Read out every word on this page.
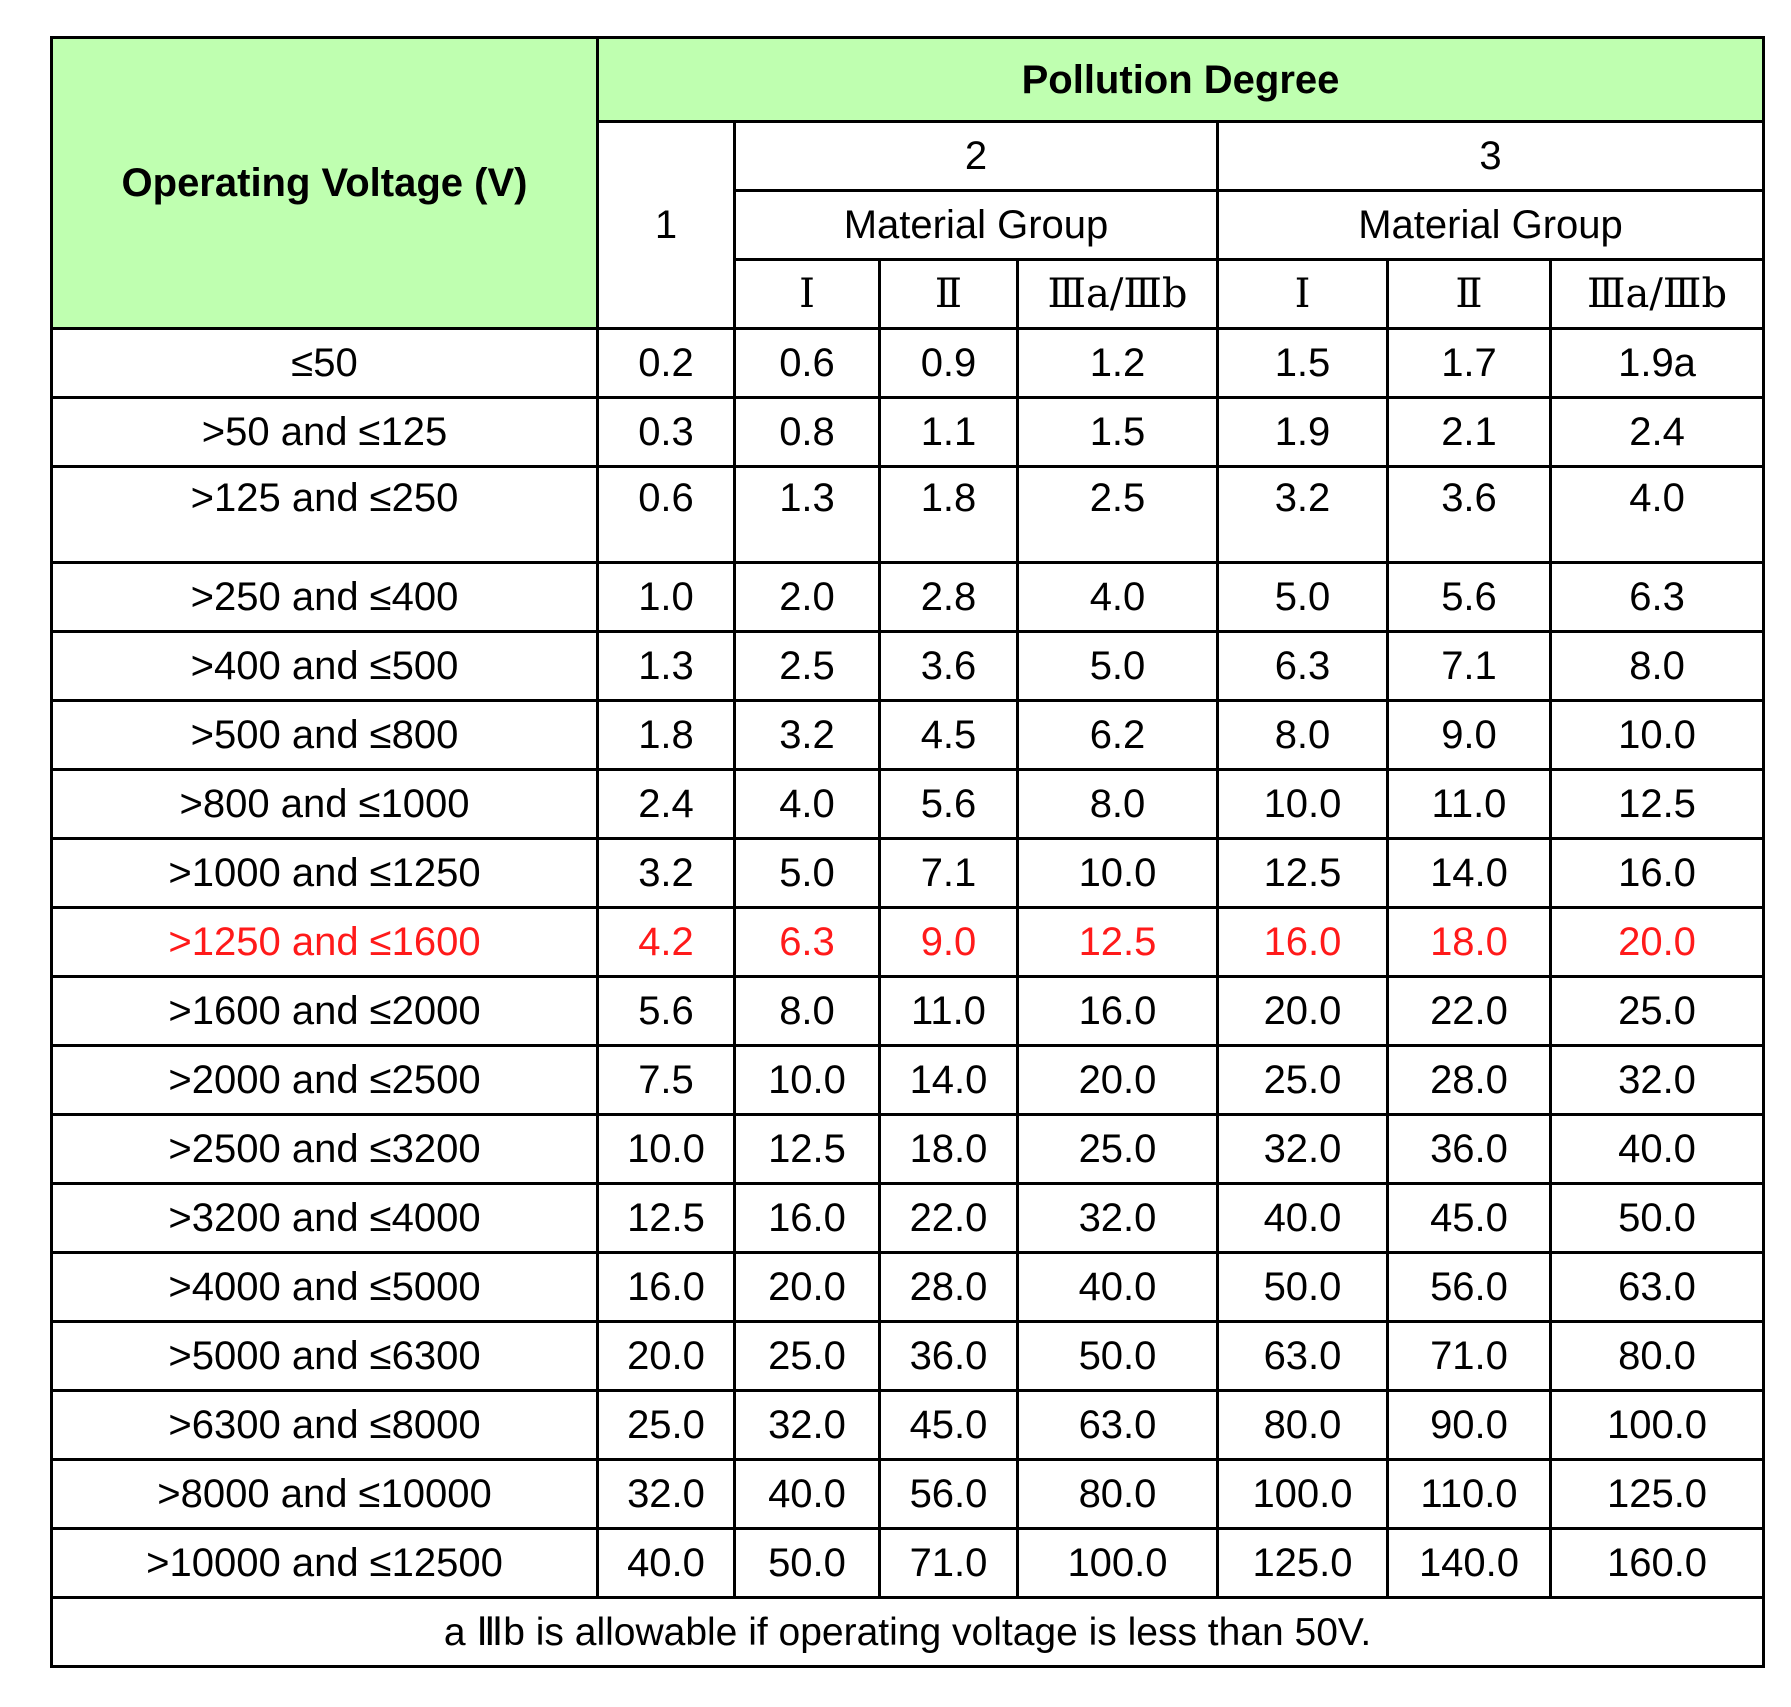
Operating Voltage (V)	Pollution Degree						
	1	2			3		
		Material Group			Material Group		
		Ⅰ	Ⅱ	Ⅲa/Ⅲb	Ⅰ	Ⅱ	Ⅲa/Ⅲb
≤50	0.2	0.6	0.9	1.2	1.5	1.7	1.9a
>50 and ≤125	0.3	0.8	1.1	1.5	1.9	2.1	2.4
>125 and ≤250	0.6	1.3	1.8	2.5	3.2	3.6	4.0
>250 and ≤400	1.0	2.0	2.8	4.0	5.0	5.6	6.3
>400 and ≤500	1.3	2.5	3.6	5.0	6.3	7.1	8.0
>500 and ≤800	1.8	3.2	4.5	6.2	8.0	9.0	10.0
>800 and ≤1000	2.4	4.0	5.6	8.0	10.0	11.0	12.5
>1000 and ≤1250	3.2	5.0	7.1	10.0	12.5	14.0	16.0
>1250 and ≤1600	4.2	6.3	9.0	12.5	16.0	18.0	20.0
>1600 and ≤2000	5.6	8.0	11.0	16.0	20.0	22.0	25.0
>2000 and ≤2500	7.5	10.0	14.0	20.0	25.0	28.0	32.0
>2500 and ≤3200	10.0	12.5	18.0	25.0	32.0	36.0	40.0
>3200 and ≤4000	12.5	16.0	22.0	32.0	40.0	45.0	50.0
>4000 and ≤5000	16.0	20.0	28.0	40.0	50.0	56.0	63.0
>5000 and ≤6300	20.0	25.0	36.0	50.0	63.0	71.0	80.0
>6300 and ≤8000	25.0	32.0	45.0	63.0	80.0	90.0	100.0
>8000 and ≤10000	32.0	40.0	56.0	80.0	100.0	110.0	125.0
>10000 and ≤12500	40.0	50.0	71.0	100.0	125.0	140.0	160.0
a Ⅲb is allowable if operating voltage is less than 50V.							
